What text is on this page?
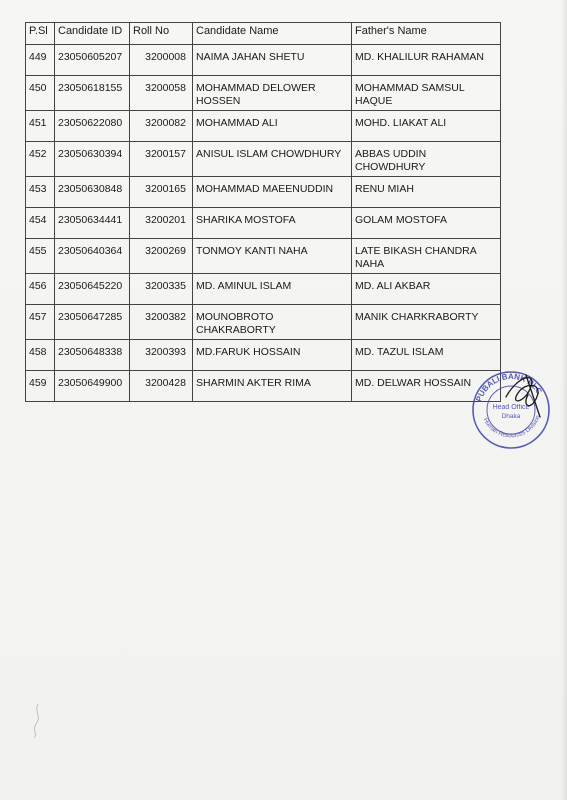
P.Sl	Candidate ID	Roll No	Candidate Name	Father's Name
449	23050605207	3200008	NAIMA JAHAN SHETU	MD. KHALILUR RAHAMAN
450	23050618155	3200058	MOHAMMAD DELOWER HOSSEN	MOHAMMAD SAMSUL HAQUE
451	23050622080	3200082	MOHAMMAD ALI	MOHD. LIAKAT ALI
452	23050630394	3200157	ANISUL ISLAM CHOWDHURY	ABBAS UDDIN CHOWDHURY
453	23050630848	3200165	MOHAMMAD MAEENUDDIN	RENU MIAH
454	23050634441	3200201	SHARIKA MOSTOFA	GOLAM MOSTOFA
455	23050640364	3200269	TONMOY KANTI NAHA	LATE BIKASH CHANDRA NAHA
456	23050645220	3200335	MD. AMINUL ISLAM	MD. ALI AKBAR
457	23050647285	3200382	MOUNOBROTO CHAKRABORTY	MANIK CHARKRABORTY
458	23050648338	3200393	MD.FARUK HOSSAIN	MD. TAZUL ISLAM
459	23050649900	3200428	SHARMIN AKTER RIMA	MD. DELWAR HOSSAIN
PUBALI BANK PLC
Human Resources Division
Head Office
Dhaka
